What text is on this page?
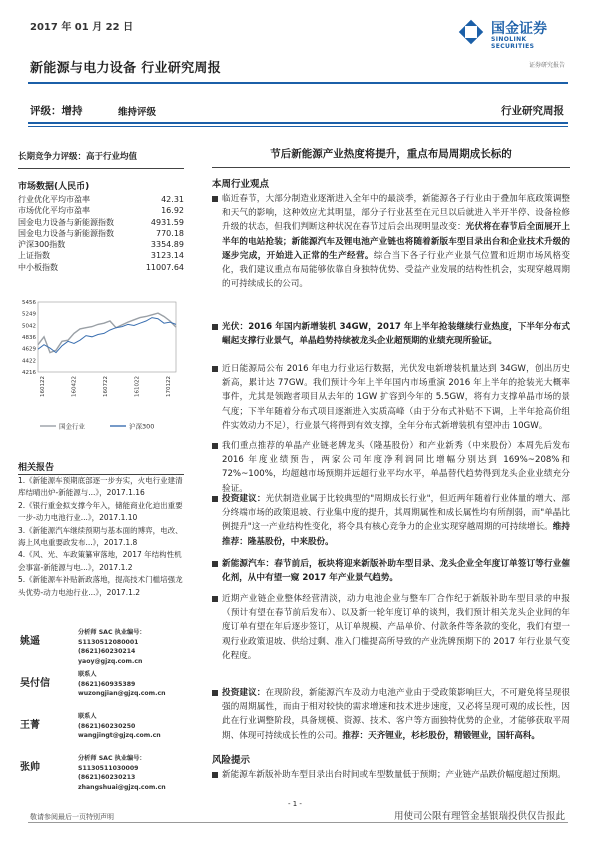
2017 年 01 月 22 日	国金证券
SINOLINK SECURITIES
新能源与电力设备 行业研究周报	证券研究报告
评级：增持	维持评级	行业研究周报
长期竞争力评级：高于行业均值
市场数据(人民币)
行业优化平均市盈率	42.31
市场优化平均市盈率	16.92
国金电力设备与新能源指数	4931.59
国金电力设备与新能源指数	770.18
沪深300指数	3354.89
上证指数	3123.14
中小板指数	11007.64
5456
5249
5042
4836
4629
4422
4216
160122	160422	160722	161022	170122
国金行业	沪深300
相关报告

1.《新能源车预期底部逐一步夯实，火电行业建清库结晴出炉-新能源与...》，2017.1.16

2.《银行重金拟支撑今年入，储能商业化迫出重要一步-动力电池行业...》，2017.1.10

3.《新能源汽车继续预期与基本面的博弈，电改、海上风电重要政发布...》，2017.1.8

4.《风、光、车政策纂审落地，2017 年结构性机会事富-新能源与电...》，2017.1.2

5.《新能源车补贴新政落地，提高技术门槛培强龙头优势-动力电池行业...》，2017.1.2

姚遥
分析师 SAC 执业编号：S1130512080001
(8621)60230214
yaoy@gjzq.com.cn
吴付信
联系人
(8621)60935389
wuzongjian@gjzq.com.cn
王菁
联系人
(8621)60230250
wangjingt@gjzq.com.cn
张帅
分析师 SAC 执业编号：S1130511030009
(8621)60230213
zhangshuai@gjzq.com.cn
节后新能源产业热度将提升，重点布局周期成长标的
本周行业观点
临近春节，大部分制造业逐渐进入全年中的最淡季，新能源各子行业由于叠加年底政策调整和天气的影响，这种效应尤其明显，部分子行业甚至在元旦以后就进入半开半停、设备检修升级的状态，但我们判断这种状况在春节过后会出现明显改变：光伏将在春节后全面展开上半年的电站抢装；新能源汽车及锂电池产业链也将随着新版车型目录出台和企业技术升级的逐步完成，开始进入正常的生产经营。综合当下各子行业产业景气位置和近期市场风格变化，我们建议重点布局能够依靠自身独特优势、受益产业发展的结构性机会，实现穿越周期的可持续成长的公司。
光伏：2016 年国内新增装机 34GW，2017 年上半年抢装继续行业热度，下半年分布式崛起支撑行业景气，单晶趋势持续被龙头企业超预期的业绩充现所验证。
近日能源局公布 2016 年电力行业运行数据，光伏发电新增装机量达到 34GW，创出历史新高，累计达 77GW。我们预计今年上半年国内市场重演 2016 年上半年的抢装光大概率事件，尤其是领跑者项目从去年的 1GW 扩容到今年的 5.5GW，将有力支撑单晶市场的景气度；下半年随着分布式项目逐渐进入实质高峰（由于分布式补贴不下调，上半年抢高价组件实效动力不足），行业景气将得到有效支撑，全年分布式新增装机有望冲击 10GW。
我们重点推荐的单晶产业链老牌龙头（隆基股份）和产业新秀（中来股份）本周先后发布 2016 年度业绩预告，两家公司年度净利润同比增幅分别达到 169%~208%和 72%~100%，均超越市场预期并远超行业平均水平，单晶替代趋势得到龙头企业业绩充分验证。
投资建议：光伏制造业属于比较典型的"周期成长行业"，但近两年随着行业体量的增大、部分终端市场的政策退坡、行业集中度的提升，其周期属性和成长属性均有所削弱，而"单晶比例提升"这一产业结构性变化，将令具有核心竞争力的企业实现穿越周期的可持续增长。维持推荐：隆基股份，中来股份。
新能源汽车：春节前后，板块将迎来新版补助车型目录、龙头企业全年度订单签订等行业催化剂，从中有望一窥 2017 年产业景气趋势。
近期产业链企业整体经营清淡，动力电池企业与整车厂合作纪于新版补助车型目录的申报（预计有望在春节前后发布）、以及新一轮年度订单的谈判，我们预计相关龙头企业间的年度订单有望在年后逐步签订，从订单规模、产品单价、付款条件等条款的变化，我们有望一观行业政策退坡、供给过剩、准入门槛提高所导致的产业洗牌预期下的 2017 年行业景气变化程度。
投资建议：在现阶段，新能源汽车及动力电池产业由于受政策影响巨大，不可避免将呈现很强的周期属性，而由于相对较快的需求增速和技术进步速度，又必将呈现可观的成长性，因此在行业调整阶段，具备规模、资源、技术、客户等方面独特优势的企业，才能够获取平周期、体现可持续成长性的公司。推荐：天齐锂业，杉杉股份，精锻锂业，国轩高科。
风险提示
新能源车新版补助车型目录出台时间或车型数量低于预期；产业链产品跌价幅度超过预期。
- 1 -
敬请参阅最后一页特别声明	用使司公限有理管金基银瑞投供仅告报此
